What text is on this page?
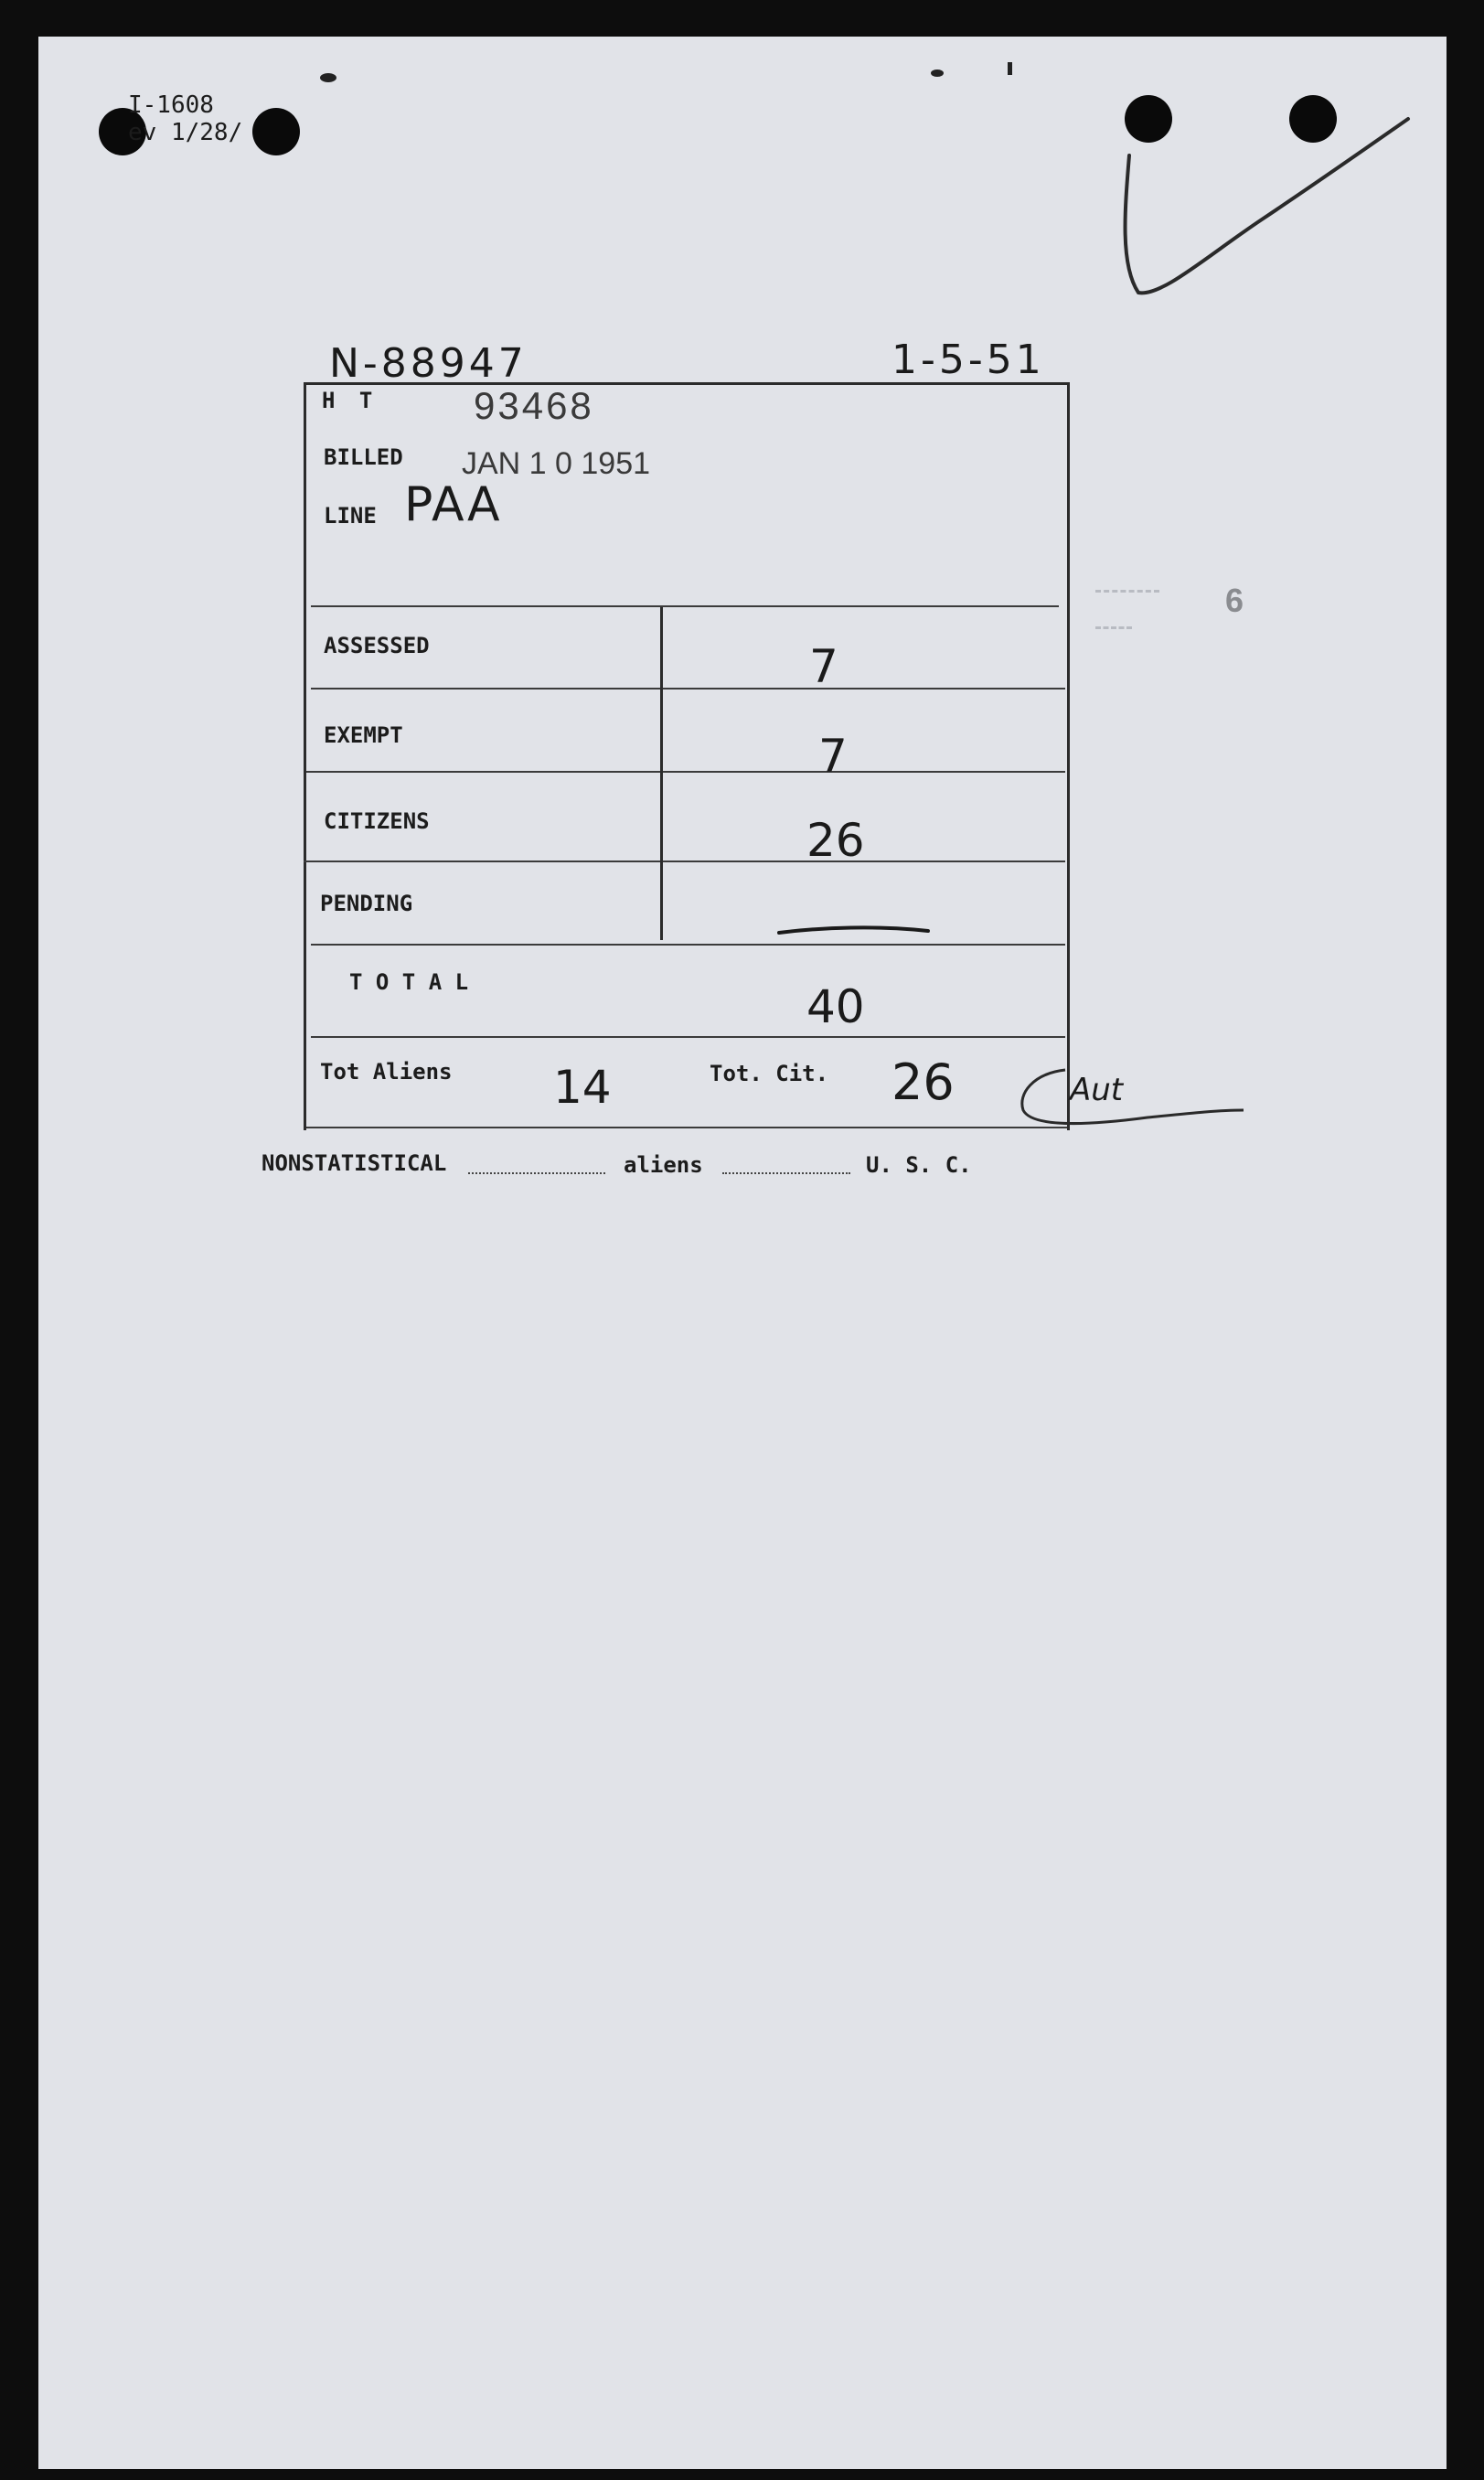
I-1608
ev 1/28/
N-88947	1-5-51
H T 93468
BILLED JAN 1 0 1951
LINE PAA
ASSESSED	7
EXEMPT	7
CITIZENS	26
PENDING
T O T A L	40
Tot Aliens 14	Tot. Cit. 26	Aut
6
NONSTATISTICAL	aliens	U. S. C.
